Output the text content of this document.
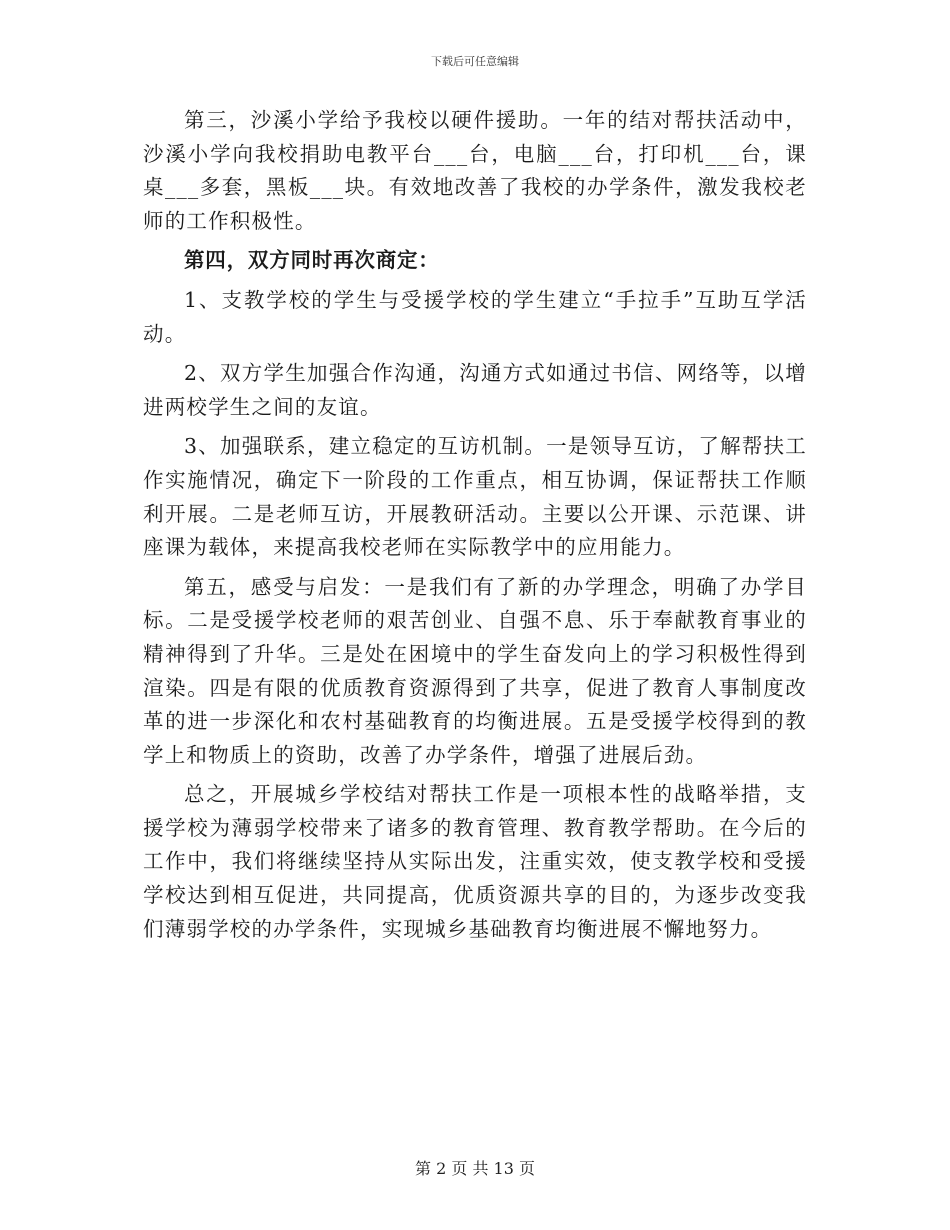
下载后可任意编辑

第三，沙溪小学给予我校以硬件援助。一年的结对帮扶活动中，沙溪小学向我校捐助电教平台___台，电脑___台，打印机___台，课桌___多套，黑板___块。有效地改善了我校的办学条件，激发我校老师的工作积极性。

第四，双方同时再次商定：

1、支教学校的学生与受援学校的学生建立“手拉手”互助互学活动。

2、双方学生加强合作沟通，沟通方式如通过书信、网络等，以增进两校学生之间的友谊。

3、加强联系，建立稳定的互访机制。一是领导互访，了解帮扶工作实施情况，确定下一阶段的工作重点，相互协调，保证帮扶工作顺利开展。二是老师互访，开展教研活动。主要以公开课、示范课、讲座课为载体，来提高我校老师在实际教学中的应用能力。

第五，感受与启发：一是我们有了新的办学理念，明确了办学目标。二是受援学校老师的艰苦创业、自强不息、乐于奉献教育事业的精神得到了升华。三是处在困境中的学生奋发向上的学习积极性得到渲染。四是有限的优质教育资源得到了共享，促进了教育人事制度改革的进一步深化和农村基础教育的均衡进展。五是受援学校得到的教学上和物质上的资助，改善了办学条件，增强了进展后劲。

总之，开展城乡学校结对帮扶工作是一项根本性的战略举措，支援学校为薄弱学校带来了诸多的教育管理、教育教学帮助。在今后的工作中，我们将继续坚持从实际出发，注重实效，使支教学校和受援学校达到相互促进，共同提高，优质资源共享的目的，为逐步改变我们薄弱学校的办学条件，实现城乡基础教育均衡进展不懈地努力。

第 2 页 共 13 页
